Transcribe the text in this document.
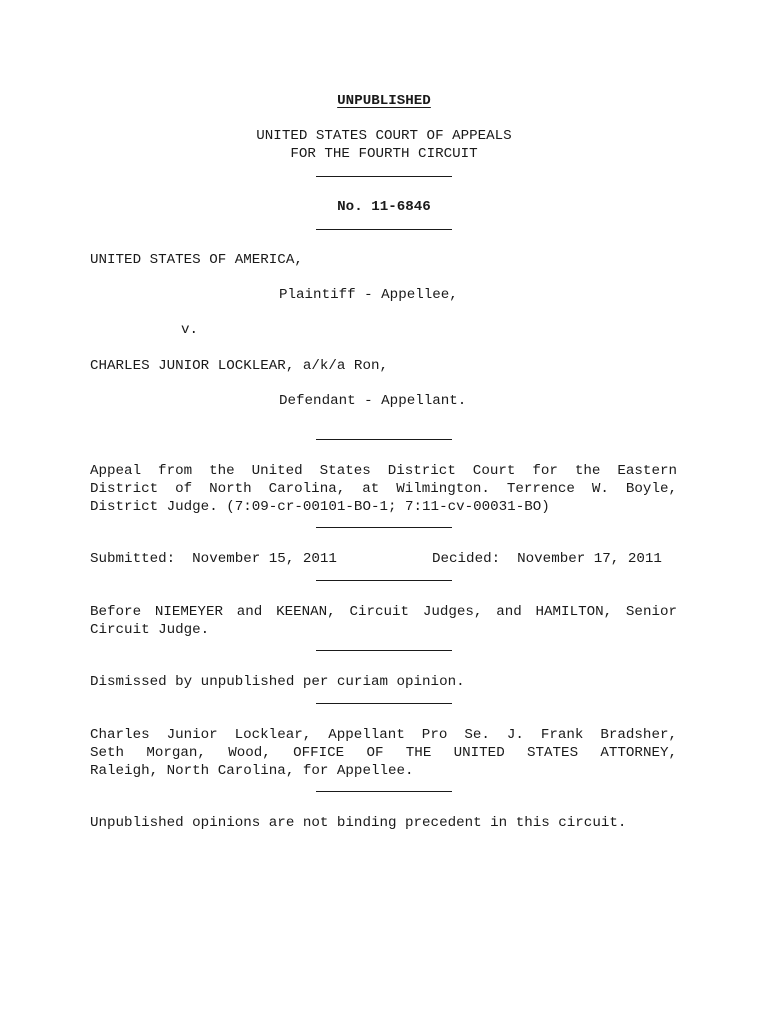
UNPUBLISHED
UNITED STATES COURT OF APPEALS
FOR THE FOURTH CIRCUIT
No. 11-6846
UNITED STATES OF AMERICA,
Plaintiff - Appellee,
v.
CHARLES JUNIOR LOCKLEAR, a/k/a Ron,
Defendant - Appellant.
Appeal from the United States District Court for the Eastern
District of North Carolina, at Wilmington. Terrence W. Boyle,
District Judge. (7:09-cr-00101-BO-1; 7:11-cv-00031-BO)
Submitted:  November 15, 2011	Decided:  November 17, 2011
Before NIEMEYER and KEENAN, Circuit Judges, and HAMILTON, Senior
Circuit Judge.
Dismissed by unpublished per curiam opinion.
Charles Junior Locklear, Appellant Pro Se. J. Frank Bradsher,
Seth Morgan, Wood, OFFICE OF THE UNITED STATES ATTORNEY,
Raleigh, North Carolina, for Appellee.
Unpublished opinions are not binding precedent in this circuit.
